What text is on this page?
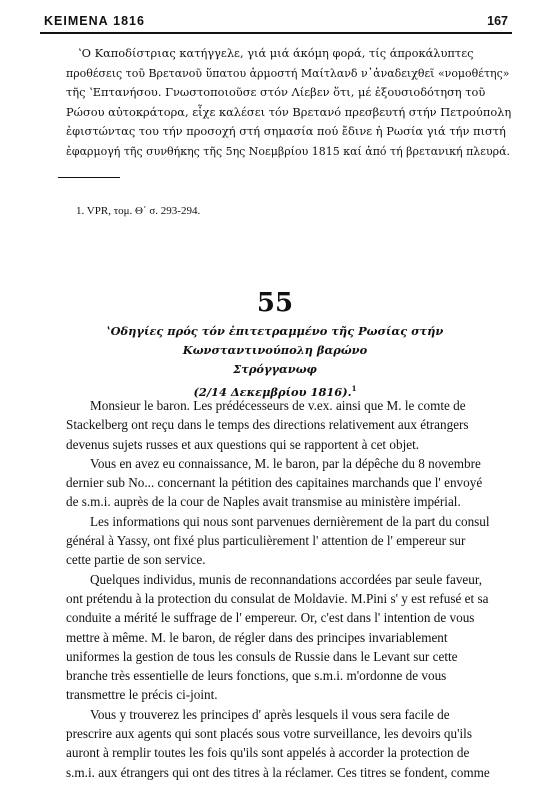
ΚΕΙΜΕΝΑ 1816	167
ʽΟ Καποδίστριας κατήγγελε, γιά μιά άκόμη φορά, τίς άπροκάλυπτες
προθέσεις τοῦ Βρετανοῦ ὕπατου ἁρμοστή Μαίτλανδ ν᾽ἀναδειχθεῖ «νομοθέτης»
τῆς ʽΕπτανήσου. Γνωστοποιοῦσε στόν Λίεβεν ὅτι, μέ ἐξουσιοδότηση τοῦ
Ρώσου αὐτοκράτορα, εἶχε καλέσει τόν Βρετανό πρεσβευτή στήν Πετρούπολη
ἐφιστώντας του τήν προσοχή στή σημασία πού ἔδινε ἡ Ρωσία γιά τήν πιστή
ἐφαρμογή τῆς συνθήκης τῆς 5ης Νοεμβρίου 1815 καί ἀπό τή βρετανική πλευρά.
1. VPR, τομ. Θ΄ σ. 293-294.
55
ʽΟδηγίες πρός τόν ἐπιτετραμμένο τῆς Ρωσίας στήν Κωνσταντινούπολη βαρώνο
Στρόγγανωφ
(2/14 Δεκεμβρίου 1816).$^1$

Monsieur le baron. Les prédécesseurs de v.ex. ainsi que M. le comte de
Stackelberg ont reçu dans le temps des directions relativement aux étrangers
devenus sujets russes et aux questions qui se rapportent à cet objet.

Vous en avez eu connaissance, M. le baron, par la dépêche du 8 novembre
dernier sub No... concernant la pétition des capitaines marchands que l' envoyé
de s.m.i. auprès de la cour de Naples avait transmise au ministère impérial.

Les informations qui nous sont parvenues dernièrement de la part du consul
général à Yassy, ont fixé plus particulièrement l' attention de l' empereur sur
cette partie de son service.

Quelques individus, munis de reconnandations accordées par seule faveur,
ont prétendu à la protection du consulat de Moldavie. M.Pini s' y est refusé et sa
conduite a mérité le suffrage de l' empereur. Or, c'est dans l' intention de vous
mettre à même. M. le baron, de régler dans des principes invariablement
uniformes la gestion de tous les consuls de Russie dans le Levant sur cette
branche très essentielle de leurs fonctions, que s.m.i. m'ordonne de vous
transmettre le précis ci-joint.

Vous y trouverez les principes d' après lesquels il vous sera facile de
prescrire aux agents qui sont placés sous votre surveillance, les devoirs qu'ils
auront à remplir toutes les fois qu'ils sont appelés à accorder la protection de
s.m.i. aux étrangers qui ont des titres à la réclamer. Ces titres se fondent, comme
